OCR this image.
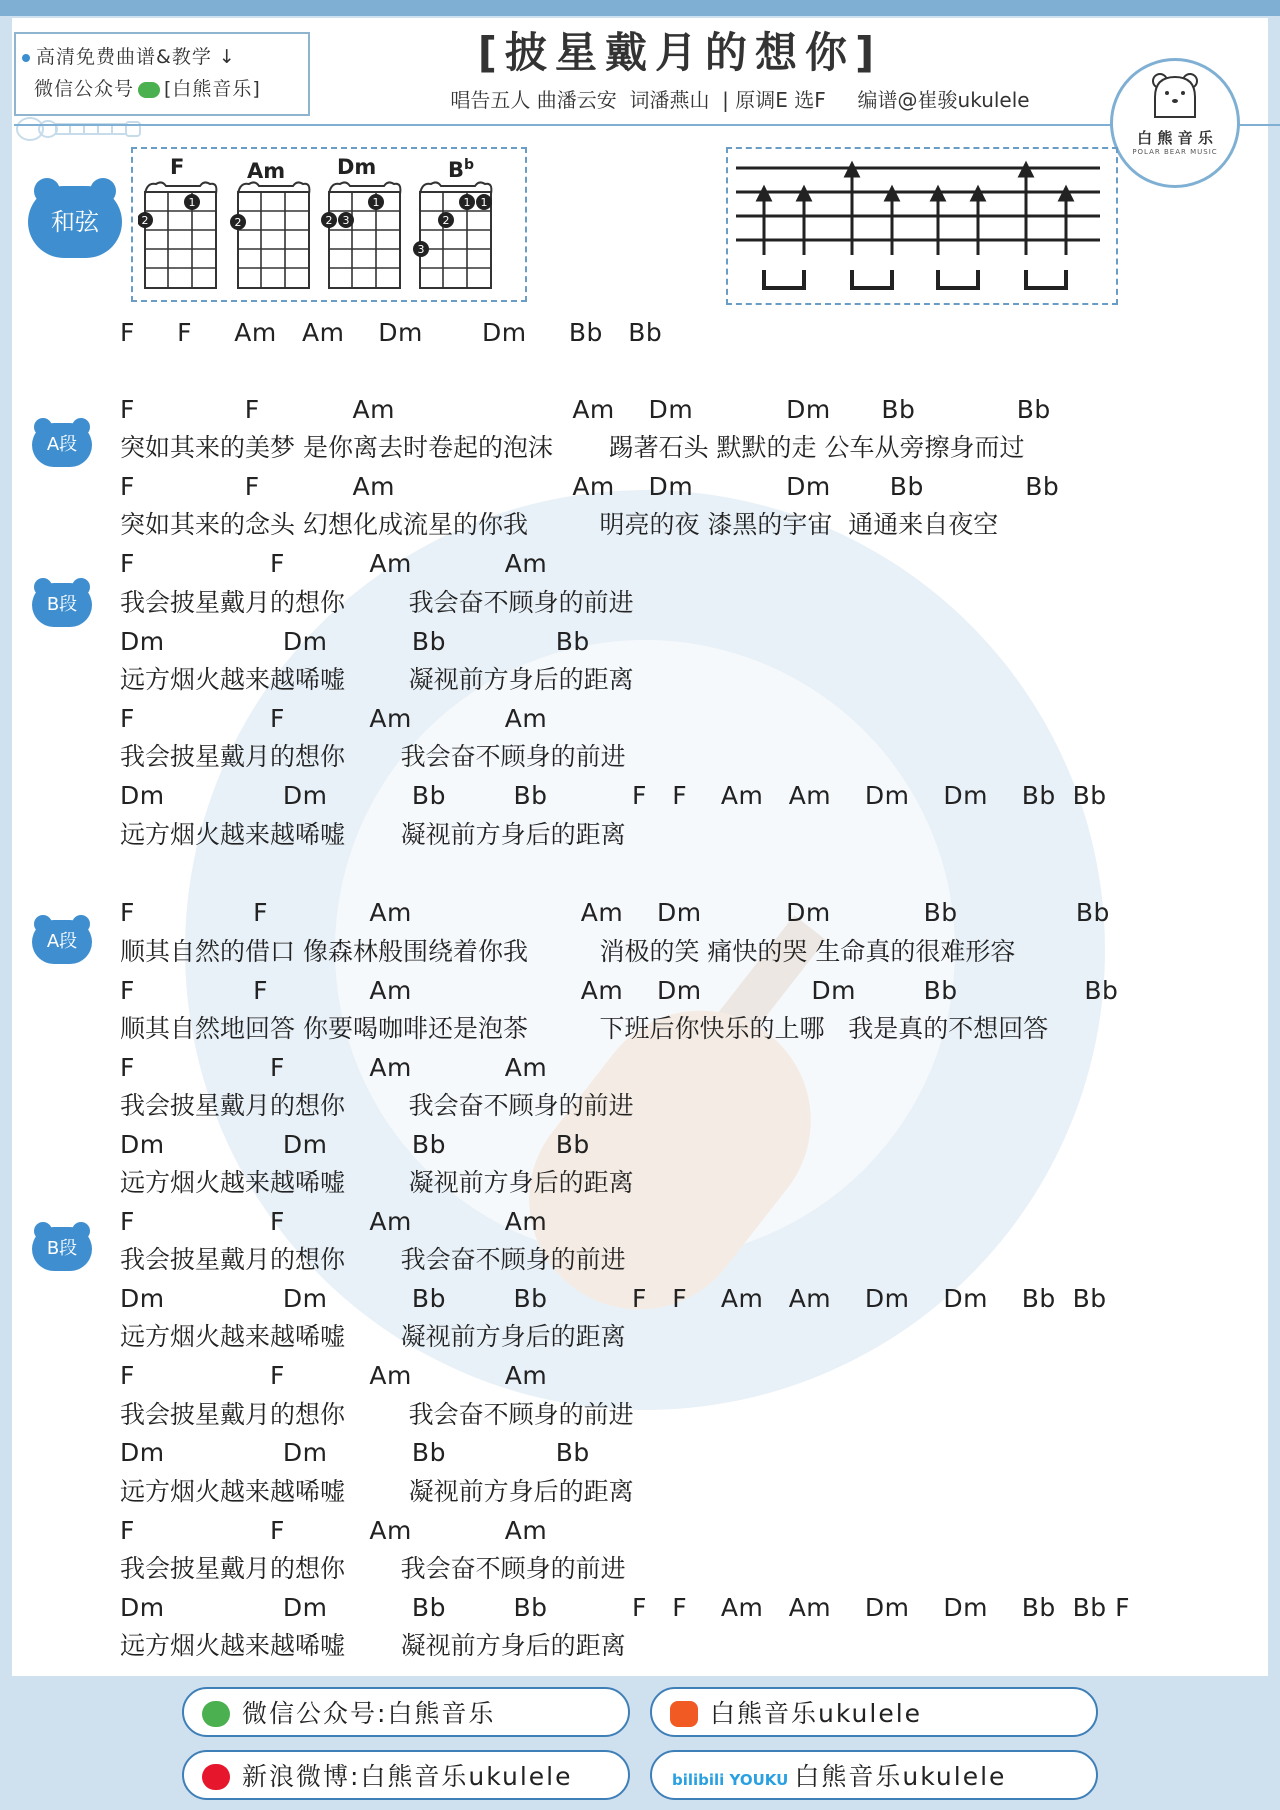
高清免费曲谱&教学 ↓
微信公众号 [白熊音乐]
[披星戴月的想你]
唱告五人 曲潘云安  词潘燕山  | 原调E 选F     编谱@崔骏ukulele
白 熊 音 乐
POLAR BEAR MUSIC
和弦
F	Am Dm	$B^b$
1
2	2
1
2 3
1 1
2
3
F     F     Am   Am    Dm       Dm     Bb   Bb
A段
B段
A段
B段
F             F           Am                     Am    Dm           Dm      Bb            Bb
突如其来的美梦 是你离去时卷起的泡沫       踢著石头 默默的走 公车从旁擦身而过
F             F           Am                     Am    Dm           Dm       Bb            Bb
突如其来的念头 幻想化成流星的你我         明亮的夜 漆黑的宇宙  通通来自夜空
F                F          Am           Am
我会披星戴月的想你        我会奋不顾身的前进
Dm              Dm          Bb             Bb
远方烟火越来越唏嘘        凝视前方身后的距离
F                F          Am           Am
我会披星戴月的想你       我会奋不顾身的前进
Dm              Dm          Bb        Bb          F   F    Am   Am    Dm    Dm    Bb  Bb
远方烟火越来越唏嘘       凝视前方身后的距离
F              F            Am                    Am    Dm          Dm           Bb              Bb
顺其自然的借口 像森林般围绕着你我         消极的笑 痛快的哭 生命真的很难形容
F              F            Am                    Am    Dm             Dm        Bb               Bb
顺其自然地回答 你要喝咖啡还是泡茶         下班后你快乐的上哪   我是真的不想回答
F                F          Am           Am
我会披星戴月的想你        我会奋不顾身的前进
Dm              Dm          Bb             Bb
远方烟火越来越唏嘘        凝视前方身后的距离
F                F          Am           Am
我会披星戴月的想你       我会奋不顾身的前进
Dm              Dm          Bb        Bb          F   F    Am   Am    Dm    Dm    Bb  Bb
远方烟火越来越唏嘘       凝视前方身后的距离
F                F          Am           Am
我会披星戴月的想你        我会奋不顾身的前进
Dm              Dm          Bb             Bb
远方烟火越来越唏嘘        凝视前方身后的距离
F                F          Am           Am
我会披星戴月的想你       我会奋不顾身的前进
Dm              Dm          Bb        Bb          F   F    Am   Am    Dm    Dm    Bb  Bb F
远方烟火越来越唏嘘       凝视前方身后的距离
微信公众号:白熊音乐	白熊音乐ukulele
新浪微博:白熊音乐ukulele	bilibili YOUKU 白熊音乐ukulele
